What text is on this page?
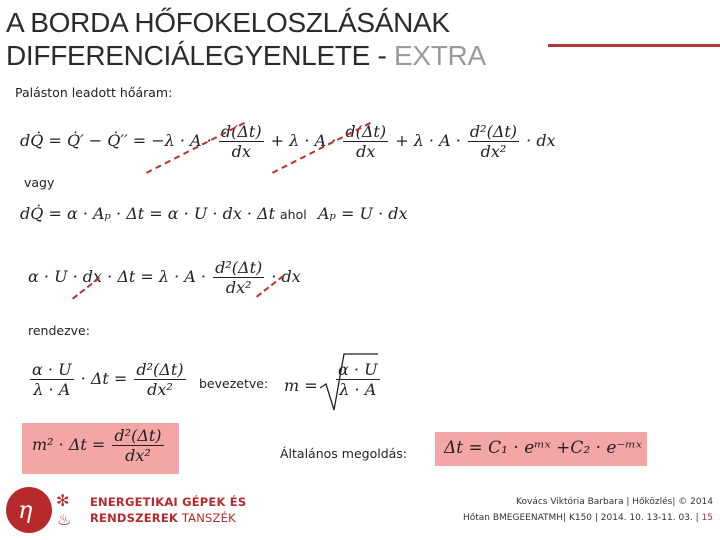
A BORDA HŐFOKELOSZLÁSÁNAK
DIFFERENCIÁLEGYENLETE - EXTRA
Paláston leadott hőáram:
dQ̇ = Q̇′ − Q̇′′ = $-\lambda \cdot A \cdot \frac{d(\Delta t)}{dx} + \lambda \cdot A \cdot \frac{d(\Delta t)}{dx} + \lambda \cdot A \cdot \frac{\text{d²(Δt)}}{\text{dx²}}$ · dx
vagy
dQ̇ = α · Aₚ · Δt = α · U · dx · Δt ahol Aₚ = U · dx
α · U · dx · $\Delta t = \lambda \cdot A \cdot \frac{\text{d²(Δt)}}{\text{dx²}}$ · dx
rendezve:
$\frac{\alpha \cdot U}{\lambda \cdot A} \cdot \Delta t = \frac{\text{d²(Δt)}}{\text{dx²}}$ bevezetve: $m = \frac{\alpha \cdot U}{\lambda \cdot A}$
$m^2 \cdot \Delta t = \frac{\text{d²(Δt)}}{\text{dx²}}$	Általános megoldás: Δt = C₁ · eᵐˣ +C₂ · e⁻ᵐˣ
η ✻
♨
ENERGETIKAI GÉPEK ÉS
RENDSZEREK TANSZÉK
Kovács Viktória Barbara | Hőközlés| © 2014
Hőtan BMEGEENATMH| K150 | 2014. 10. 13-11. 03. | 15
